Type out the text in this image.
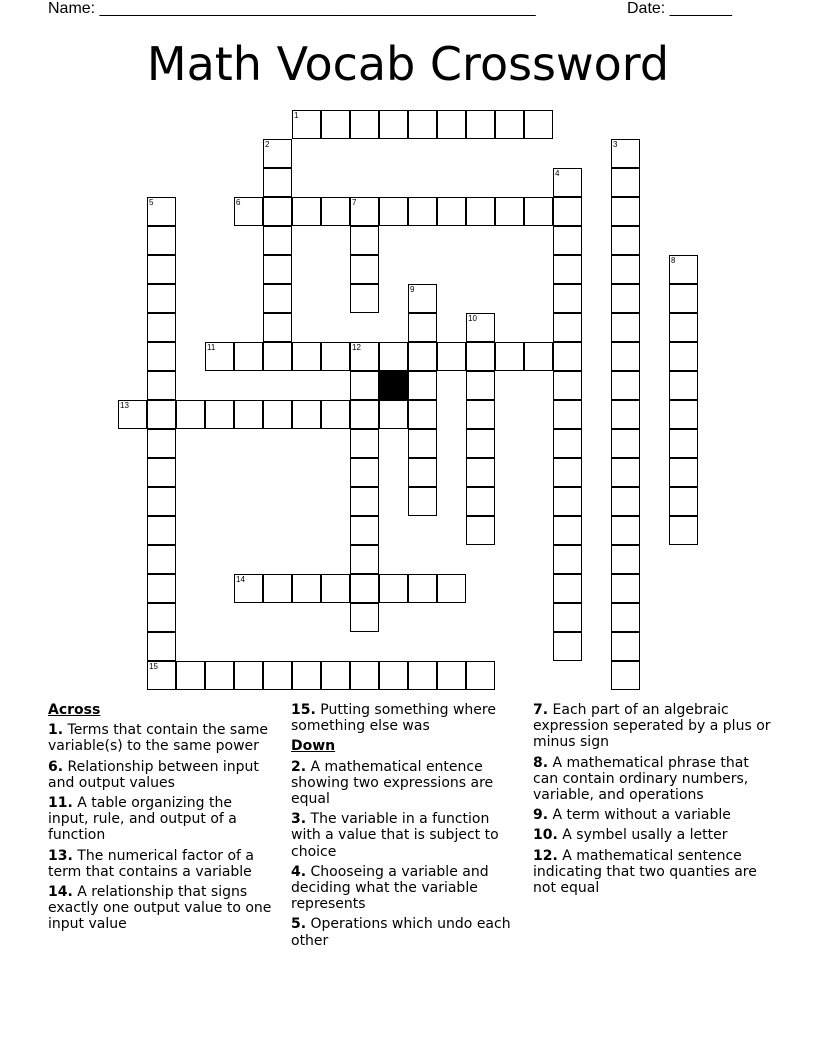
Name: _________________________________________________	Date: _______
Math Vocab Crossword
1
2	3
4
5
15
6	7
8
9
10
11	12
13
14
Across
1. Terms that contain the same variable(s) to the same power
6. Relationship between input and output values
11. A table organizing the input, rule, and output of a function
13. The numerical factor of a term that contains a variable
14. A relationship that signs exactly one output value to one input value
15. Putting something where something else was
Down
2. A mathematical entence showing two expressions are equal
3. The variable in a function with a value that is subject to choice
4. Chooseing a variable and deciding what the variable represents
5. Operations which undo each other
7. Each part of an algebraic expression seperated by a plus or minus sign
8. A mathematical phrase that can contain ordinary numbers, variable, and operations
9. A term without a variable
10. A symbel usally a letter
12. A mathematical sentence indicating that two quanties are not equal
